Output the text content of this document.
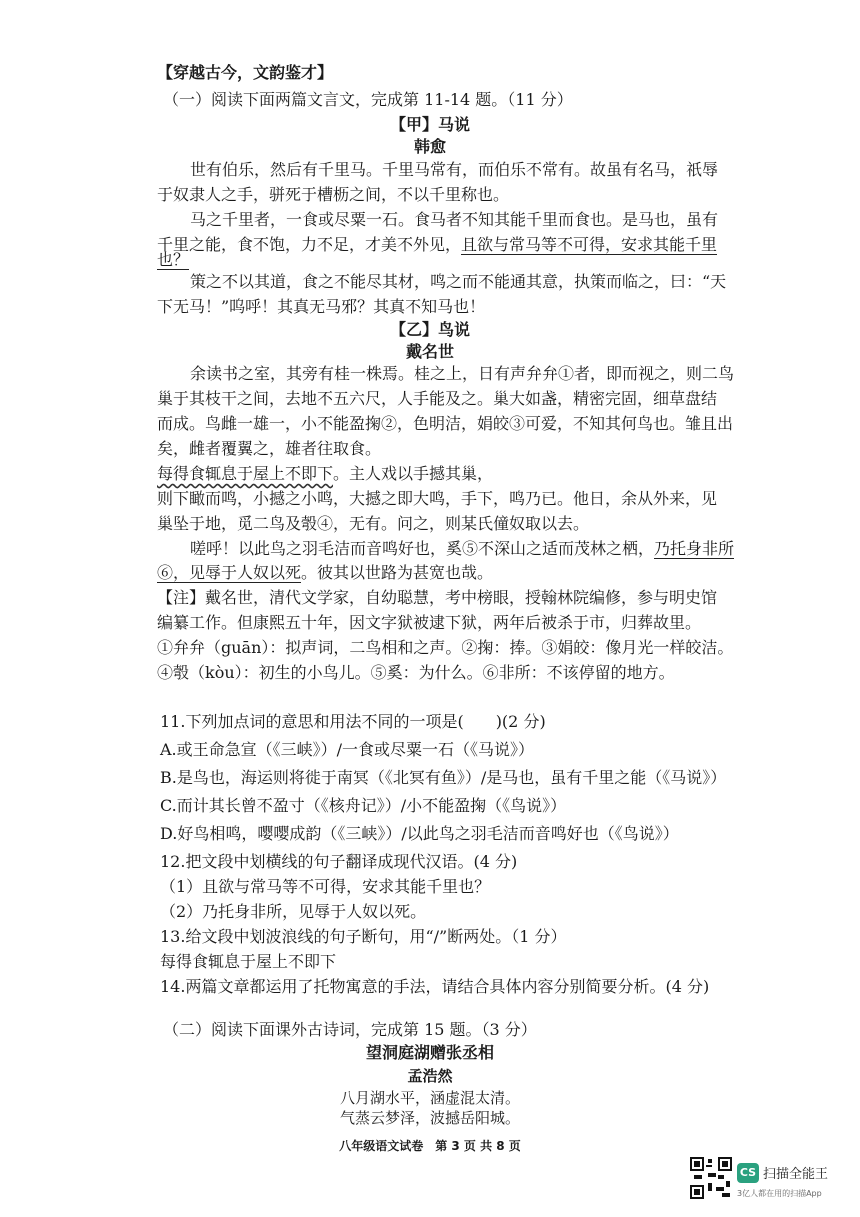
【穿越古今，文韵鉴才】
（一）阅读下面两篇文言文，完成第 11-14 题。（11 分）
【甲】马说
韩愈
世有伯乐，然后有千里马。千里马常有，而伯乐不常有。故虽有名马，祇辱
于奴隶人之手，骈死于槽枥之间，不以千里称也。
马之千里者，一食或尽粟一石。食马者不知其能千里而食也。是马也，虽有
千里之能，食不饱，力不足，才美不外见，且欲与常马等不可得，安求其能千里
也？
策之不以其道，食之不能尽其材，鸣之而不能通其意，执策而临之，曰：“天
下无马！”呜呼！其真无马邪？其真不知马也！
【乙】鸟说
戴名世
余读书之室，其旁有桂一株焉。桂之上，日有声弁弁①者，即而视之，则二鸟
巢于其枝干之间，去地不五六尺，人手能及之。巢大如盏，精密完固，细草盘结
而成。鸟雌一雄一，小不能盈掬②，色明洁，娟皎③可爱，不知其何鸟也。雏且出
矣，雌者覆翼之，雄者往取食。
每得食辄息于屋上不即下。主人戏以手撼其巢，
则下瞰而鸣，小撼之小鸣，大撼之即大鸣，手下，鸣乃已。他日，余从外来，见
巢坠于地，觅二鸟及彀④，无有。问之，则某氏僮奴取以去。
嗟呼！以此鸟之羽毛洁而音鸣好也，奚⑤不深山之适而茂林之栖，乃托身非所
⑥，见辱于人奴以死。彼其以世路为甚宽也哉。
【注】戴名世，清代文学家，自幼聪慧，考中榜眼，授翰林院编修，参与明史馆
编纂工作。但康熙五十年，因文字狱被逮下狱，两年后被杀于市，归葬故里。
①弁弁（guān）：拟声词，二鸟相和之声。②掬：捧。③娟皎：像月光一样皎洁。
④彀（kòu）：初生的小鸟儿。⑤奚：为什么。⑥非所：不该停留的地方。
11.下列加点词的意思和用法不同的一项是(　　)(2 分)
A.或王命急宣（《三峡》）/一食或尽粟一石（《马说》）
B.是鸟也，海运则将徙于南冥（《北冥有鱼》）/是马也，虽有千里之能（《马说》）
C.而计其长曾不盈寸（《核舟记》）/小不能盈掬（《鸟说》）
D.好鸟相鸣，嘤嘤成韵（《三峡》）/以此鸟之羽毛洁而音鸣好也（《鸟说》）
12.把文段中划横线的句子翻译成现代汉语。(4 分)
（1）且欲与常马等不可得，安求其能千里也？
（2）乃托身非所，见辱于人奴以死。
13.给文段中划波浪线的句子断句，用“/”断两处。（1 分）
每得食辄息于屋上不即下
14.两篇文章都运用了托物寓意的手法，请结合具体内容分别简要分析。(4 分)
（二）阅读下面课外古诗词，完成第 15 题。（3 分）
望洞庭湖赠张丞相
孟浩然
八月湖水平，涵虚混太清。
气蒸云梦泽，波撼岳阳城。
八年级语文试卷　第 3 页 共 8 页
CS 扫描全能王
3亿人都在用的扫描App
